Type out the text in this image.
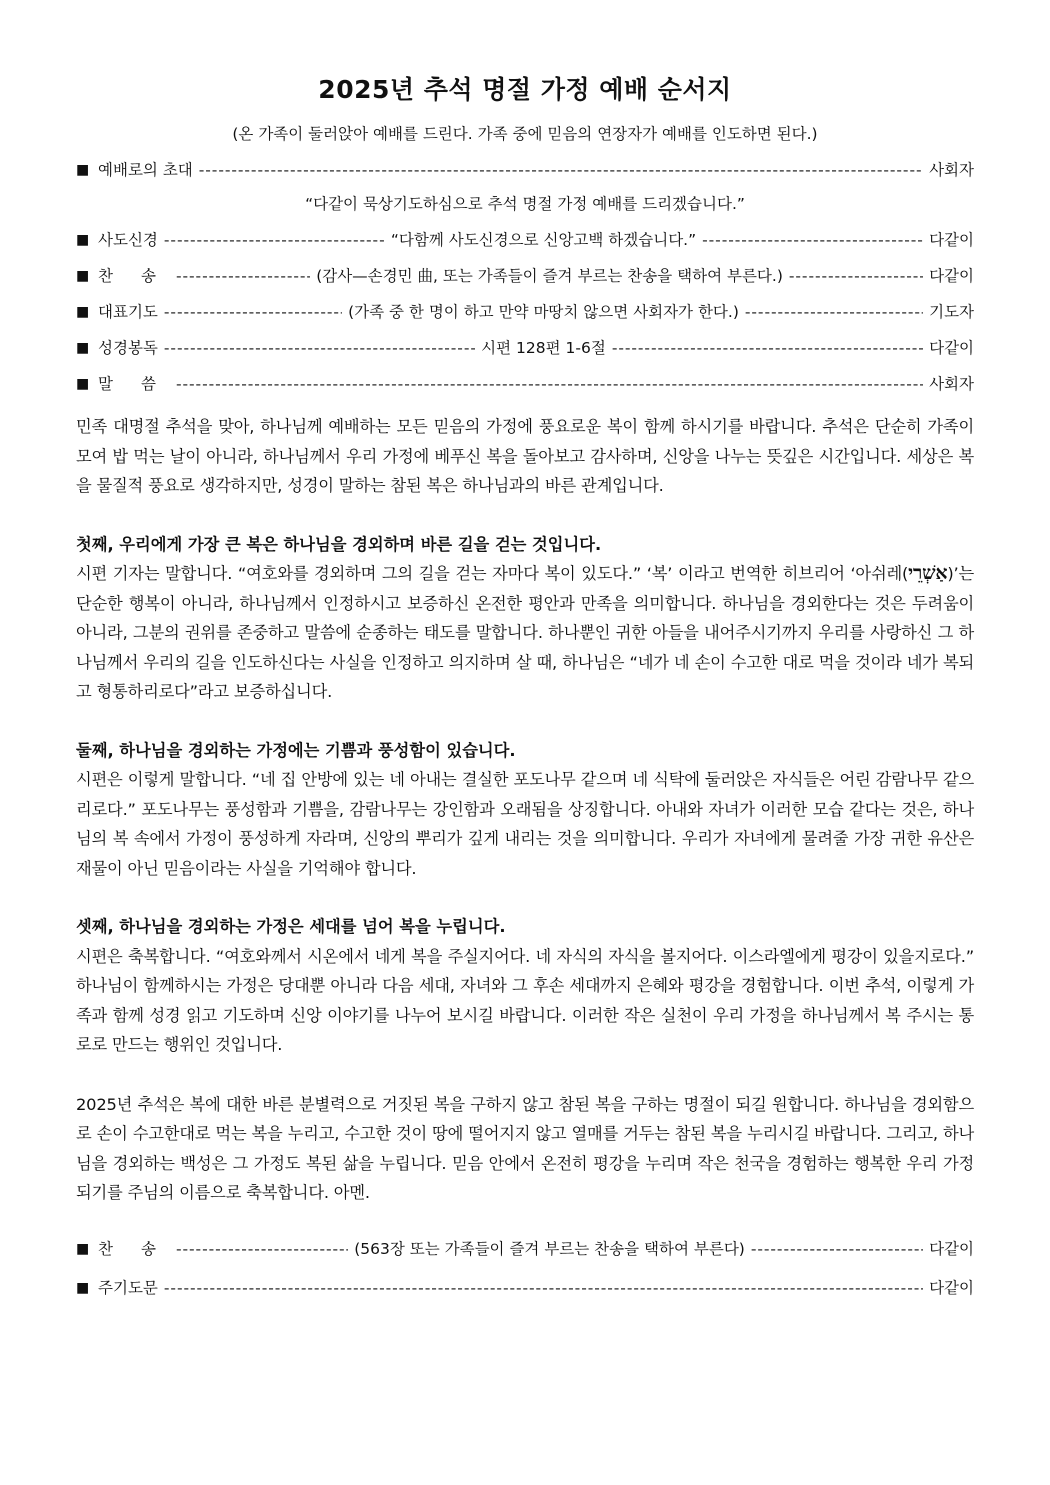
2025년 추석 명절 가정 예배 순서지
(온 가족이 둘러앉아 예배를 드린다. 가족 중에 믿음의 연장자가 예배를 인도하면 된다.)
■ 예배로의 초대 - - -	사회자
“다같이 묵상기도하심으로 추석 명절 가정 예배를 드리겠습니다.”
■ 사도신경 - - -	“다함께 사도신경으로 신앙고백 하겠습니다.” - - -	다같이
■ 찬송 - - -	(감사—손경민 曲, 또는 가족들이 즐겨 부르는 찬송을 택하여 부른다.) - - -	다같이
■ 대표기도 - - -	(가족 중 한 명이 하고 만약 마땅치 않으면 사회자가 한다.) - - -	기도자
■ 성경봉독 - - -	시편 128편 1-6절 - - -	다같이
■ 말씀 - - -	사회자

민족 대명절 추석을 맞아, 하나님께 예배하는 모든 믿음의 가정에 풍요로운 복이 함께 하시기를 바랍니다. 추석은 단순히 가족이 모여 밥 먹는 날이 아니라, 하나님께서 우리 가정에 베푸신 복을 돌아보고 감사하며, 신앙을 나누는 뜻깊은 시간입니다. 세상은 복을 물질적 풍요로 생각하지만, 성경이 말하는 참된 복은 하나님과의 바른 관계입니다.

첫째, 우리에게 가장 큰 복은 하나님을 경외하며 바른 길을 걷는 것입니다.

시편 기자는 말합니다. “여호와를 경외하며 그의 길을 걷는 자마다 복이 있도다.” ‘복’ 이라고 번역한 히브리어 ‘아쉬레(אַשְׁרֵי)’는 단순한 행복이 아니라, 하나님께서 인정하시고 보증하신 온전한 평안과 만족을 의미합니다. 하나님을 경외한다는 것은 두려움이 아니라, 그분의 권위를 존중하고 말씀에 순종하는 태도를 말합니다. 하나뿐인 귀한 아들을 내어주시기까지 우리를 사랑하신 그 하나님께서 우리의 길을 인도하신다는 사실을 인정하고 의지하며 살 때, 하나님은 “네가 네 손이 수고한 대로 먹을 것이라 네가 복되고 형통하리로다”라고 보증하십니다.

둘째, 하나님을 경외하는 가정에는 기쁨과 풍성함이 있습니다.

시편은 이렇게 말합니다. “네 집 안방에 있는 네 아내는 결실한 포도나무 같으며 네 식탁에 둘러앉은 자식들은 어린 감람나무 같으리로다.” 포도나무는 풍성함과 기쁨을, 감람나무는 강인함과 오래됨을 상징합니다. 아내와 자녀가 이러한 모습 같다는 것은, 하나님의 복 속에서 가정이 풍성하게 자라며, 신앙의 뿌리가 깊게 내리는 것을 의미합니다. 우리가 자녀에게 물려줄 가장 귀한 유산은 재물이 아닌 믿음이라는 사실을 기억해야 합니다.

셋째, 하나님을 경외하는 가정은 세대를 넘어 복을 누립니다.

시편은 축복합니다. “여호와께서 시온에서 네게 복을 주실지어다. 네 자식의 자식을 볼지어다. 이스라엘에게 평강이 있을지로다.” 하나님이 함께하시는 가정은 당대뿐 아니라 다음 세대, 자녀와 그 후손 세대까지 은혜와 평강을 경험합니다. 이번 추석, 이렇게 가족과 함께 성경 읽고 기도하며 신앙 이야기를 나누어 보시길 바랍니다. 이러한 작은 실천이 우리 가정을 하나님께서 복 주시는 통로로 만드는 행위인 것입니다.

2025년 추석은 복에 대한 바른 분별력으로 거짓된 복을 구하지 않고 참된 복을 구하는 명절이 되길 원합니다. 하나님을 경외함으로 손이 수고한대로 먹는 복을 누리고, 수고한 것이 땅에 떨어지지 않고 열매를 거두는 참된 복을 누리시길 바랍니다. 그리고, 하나님을 경외하는 백성은 그 가정도 복된 삶을 누립니다. 믿음 안에서 온전히 평강을 누리며 작은 천국을 경험하는 행복한 우리 가정 되기를 주님의 이름으로 축복합니다. 아멘.

■ 찬송 - - -	(563장 또는 가족들이 즐겨 부르는 찬송을 택하여 부른다) - - -	다같이
■ 주기도문 - - -	다같이
